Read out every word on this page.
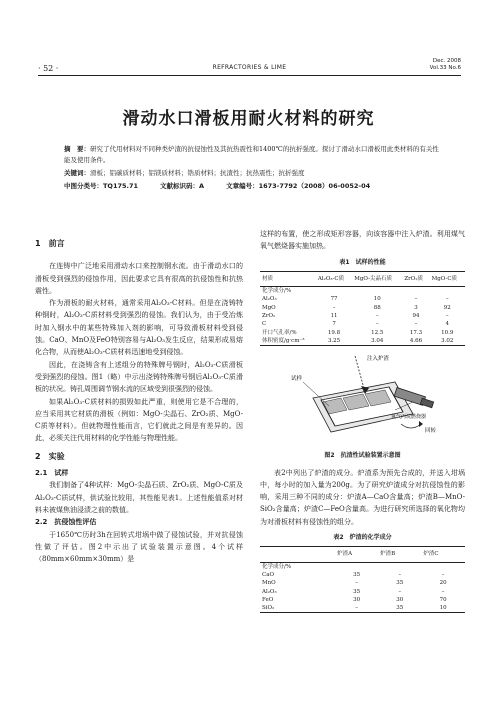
· 52 ·	REFRACTORIES & LIME
Dec. 2008
Vol.33 No.6
滑动水口滑板用耐火材料的研究

摘　要：研究了代用材料对不同种类炉渣的抗侵蚀性及其抗热震性和1400℃的抗折强度。探讨了滑动水口滑板用此类材料的有关性能及使用条件。

关键词：滑板；铝碳质材料；铝镁质材料；锆质材料；抗渣性；抗热震性；抗折强度

中图分类号：TQ175.71	文献标识码：A	文章编号：1673-7792（2008）06-0052-04
1　前言

在连铸中广泛地采用滑动水口来控制钢水流。由于滑动水口的滑板受到强烈的侵蚀作用，因此要求它具有很高的抗侵蚀性和抗热震性。

作为滑板的耐火材料，通常采用Al₂O₃-C材料。但是在浇铸特种钢时，Al₂O₃-C质材料受到强烈的侵蚀。我们认为，由于受冶炼时加入钢水中的某些特殊加入剂的影响，可导致滑板材料受到侵蚀。CaO、MnO及FeO特别容易与Al₂O₃发生反应，结果形成易熔化合物，从而使Al₂O₃-C质材料迅速地受到侵蚀。

因此，在浇铸含有上述组分的特殊牌号钢时，Al₂O₃-C质滑板受到强烈的侵蚀。图1（略）中示出浇铸特殊牌号钢后Al₂O₃-C质滑板的状况。铸孔周围调节钢水流的区域受到很强烈的侵蚀。

如果Al₂O₃-C质材料的损毁如此严重，则使用它是不合理的，应当采用其它材质的滑板（例如：MgO-尖晶石、ZrO₂质、MgO-C质等材料）。但就物理性能而言，它们就此之间是有差异的。因此，必须关注代用材料的化学性能与物理性能。

2　实验
2.1　试样

我们制备了4种试样：MgO-尖晶石质、ZrO₂质、MgO-C质及Al₂O₃-C质试样，供试验比较用，其性能见表1。上述性能值系对材料未被煤焦油浸渍之前的数值。

2.2　抗侵蚀性评估

于1650℃历时3h在回转式坩埚中做了侵蚀试验，并对抗侵蚀性做了评估。图2中示出了试验装置示意图。4个试样（80mm×60mm×30mm）是

这样的布置，使之形成矩形容器，向该容器中注入炉渣。利用煤气氧气燃烧器实施加热。

表1　试样的性能
材质	Al₂O₃-C质	MgO-尖晶石质	ZrO₂质	MgO-C质
化学成分/%				
Al₂O₃	77	10	–	–
MgO	–	88	3	92
ZrO₂	11	–	94	–
C	7	–	–	4
开口气孔率/%	19.8	12.5	17.3	10.9
体积密度/g·cm⁻³	3.25	3.04	4.66	3.02
注入炉渣
试样
氧气丙烷燃烧器
回转
图2　抗渣性试验装置示意图

表2中列出了炉渣的成分。炉渣系为预先合成的，并送入坩埚中，每小时的加入量为200g。为了研究炉渣成分对抗侵蚀性的影响，采用三种不同的成分：炉渣A—CaO含量高；炉渣B—MnO-SiO₂含量高；炉渣C—FeO含量高。为进行研究所选择的氧化物均为对滑板材料有侵蚀性的组分。

表2　炉渣的化学成分
	炉渣A	炉渣B	炉渣C
化学成分/%			
CaO	35	–	–
MnO	–	35	20
Al₂O₃	35	–	–
FeO	30	30	70
SiO₂	–	35	10
